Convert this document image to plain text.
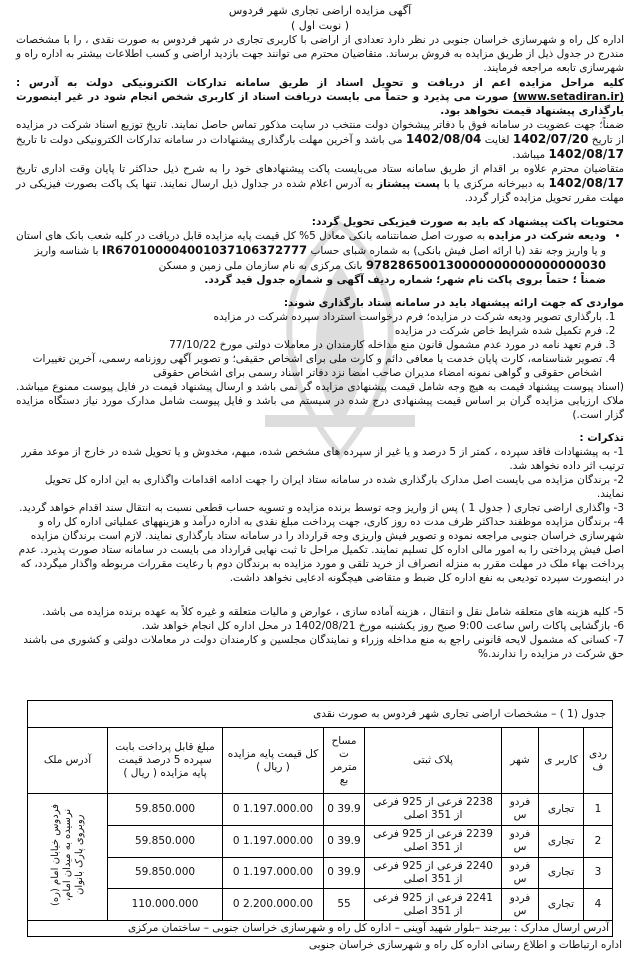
آگهی مزایده اراضی تجاری شهر فردوس
( نوبت اول )

اداره کل راه و شهرسازی خراسان جنوبی در نظر دارد تعدادی از اراضی با کاربری تجاری در شهر فردوس به صورت نقدی ، را با مشخصات مندرج در جدول ذیل از طریق مزایده به فروش برساند. متقاضیان محترم می توانند جهت بازدید اراضی و کسب اطلاعات بیشتر به اداره راه و شهرسازی تابعه مراجعه فرمایند.

کلیه مراحل مزایده اعم از دریافت و تحویل اسناد از طریق سامانه تدارکات الکترونیکی دولت به آدرس : (www.setadiran.ir) صورت می پذیرد و حتماً می بایست دریافت اسناد از کاربری شخص انجام شود در غیر اینصورت بارگذاری پیشنهاد قیمت نخواهد بود.

ضمناً؛ جهت عضویت در سامانه فوق با دفاتر پیشخوان دولت منتخب در سایت مذکور تماس حاصل نمایند. تاریخ توزیع اسناد شرکت در مزایده از تاریخ 1402/07/20 لغایت 1402/08/04 می باشد و آخرین مهلت بارگذاری پیشنهادات در سامانه تدارکات الکترونیکی دولت تا تاریخ 1402/08/17 میباشد.

متقاضیان محترم علاوه بر اقدام از طریق سامانه ستاد می‌بایست پاکت پیشنهادهای خود را به شرح ذیل حداکثر تا پایان وقت اداری تاریخ 1402/08/17 به دبیرخانه مرکزی یا با پست پیشتاز به آدرس اعلام شده در جداول ذیل ارسال نمایند. تنها یک پاکت بصورت فیزیکی در مهلت مقرر تحویل مزایده گزار گردد.

محتویات پاکت پیشنهاد که باید به صورت فیزیکی تحویل گردد:
• ودیعه شرکت در مزایده به صورت اصل ضمانتنامه بانکی معادل 5% کل قیمت پایه مزایده قابل دریافت در کلیه شعب بانک های استان و یا واریز وجه نقد (با ارائه اصل فیش بانکی) به شماره شبای حساب IR670100004001037106372777 با شناسه واریز 978286500130000000000000000030 بانک مرکزی به نام سازمان ملی زمین و مسکن

ضمناً ؛ حتماً بروی پاکت نام شهر؛ شماره ردیف آگهی و شماره جدول قید گردد.

مواردی که جهت ارائه پیشنهاد باید در سامانه ستاد بارگذاری شوند:
1. بارگذاری تصویر ودیعه شرکت در مزایده؛ فرم درخواست استرداد سپرده شرکت در مزایده
2. فرم تکمیل شده شرایط خاص شرکت در مزایده
3. فرم تعهد نامه در مورد عدم مشمول قانون منع مداخله کارمندان در معاملات دولتی مورخ 77/10/22
4. تصویر شناسنامه، کارت پایان خدمت یا معافی دائم و کارت ملی برای اشخاص حقیقی؛ و تصویر آگهی روزنامه رسمی، آخرین تغییرات اشخاص حقوقی و گواهی نمونه امضاء مدیران صاحب امضا نزد دفاتر اسناد رسمی برای اشخاص حقوقی

(اسناد پیوست پیشنهاد قیمت به هیچ وجه شامل قیمت پیشنهادی مزایده گر نمی باشد و ارسال پیشنهاد قیمت در فایل پیوست ممنوع میباشد. ملاک ارزیابی مزایده گران بر اساس قیمت پیشنهادی درج شده در سیستم می باشد و فایل پیوست شامل مدارک مورد نیاز دستگاه مزایده گزار است.)

تذکرات :
1- به پیشنهادات فاقد سپرده ، کمتر از 5 درصد و یا غیر از سپرده های مشخص شده، مبهم، مخدوش و یا تحویل شده در خارج از موعد مقرر ترتیب اثر داده نخواهد شد.
2- برندگان مزایده می بایست اصل مدارک بارگذاری شده در سامانه ستاد ایران را جهت ادامه اقدامات واگذاری به این اداره کل تحویل نمایند.
3- واگذاری اراضی تجاری ( جدول 1 ) پس از واریز وجه توسط برنده مزایده و تسویه حساب قطعی نسبت به انتقال سند اقدام خواهد گردید.
4- برندگان مزایده موظفند حداکثر ظرف مدت ده روز کاری، جهت پرداخت مبلغ نقدی به اداره درآمد و هزینههای عملیاتی اداره کل راه و شهرسازی خراسان جنوبی مراجعه نموده و تصویر فیش واریزی وجه قرارداد را در سامانه ستاد بارگذاری نمایند. لازم است برندگان مزایده اصل فیش پرداختی را به امور مالی اداره کل تسلیم نمایند. تکمیل مراحل تا ثبت نهایی قرارداد می بایست در سامانه ستاد صورت پذیرد. عدم پرداخت بهاء ملک در مهلت مقرر به منزله انصراف از خرید تلقی و مورد مزایده به برندگان دوم با رعایت مقررات مربوطه واگذار میگردد، که در اینصورت سپرده تودیعی به نفع اداره کل ضبط و متقاضی هیچگونه ادعایی نخواهد داشت.
5- کلیه هزینه های متعلقه شامل نقل و انتقال ، هزینه آماده سازی ، عوارض و مالیات متعلقه و غیره کلاً به عهده برنده مزایده می باشد.
6- بازگشایی پاکات راس ساعت 9:00 صبح روز یکشنبه مورخ 1402/08/21 در محل اداره کل انجام خواهد شد.
7- کسانی که مشمول لایحه قانونی راجع به منع مداخله وزراء و نمایندگان مجلسین و کارمندان دولت در معاملات دولتی و کشوری می باشند حق شرکت در مزایده را ندارند.%
جدول (1 ) – مشخصات اراضی تجاری شهر فردوس به صورت نقدی							
ردی ف	کاربر ی	شهر	پلاک ثبتی	مساح ت مترمر بع	کل قیمت پایه مزایده ( ریال )	مبلغ قابل پرداخت بابت سپرده 5 درصد قیمت پایه مزایده ( ریال )	آدرس ملک
1	تجاری	فردو س	2238 فرعی از 925 فرعی از 351 اصلی	39.9 0	1.197.000.00 0	59.850.000	فردوس خیابان امام (ره) نرسیده به میدان امام، روبروی پارک بانوان
2	تجاری	فردو س	2239 فرعی از 925 فرعی از 351 اصلی	39.9 0	1.197.000.00 0	59.850.000	
3	تجاری	فردو س	2240 فرعی از 925 فرعی از 351 اصلی	39.9 0	1.197.000.00 0	59.850.000	
4	تجاری	فردو س	2241 فرعی از 925 فرعی از 351 اصلی	55	2.200.000.00 0	110.000.000	
آدرس ارسال مدارک : بیرجند –بلوار شهید آوینی – اداره کل راه و شهرسازی خراسان جنوبی – ساختمان مرکزی							
اداره ارتباطات و اطلاع رسانی اداره کل راه و شهرسازی خراسان جنوبی
